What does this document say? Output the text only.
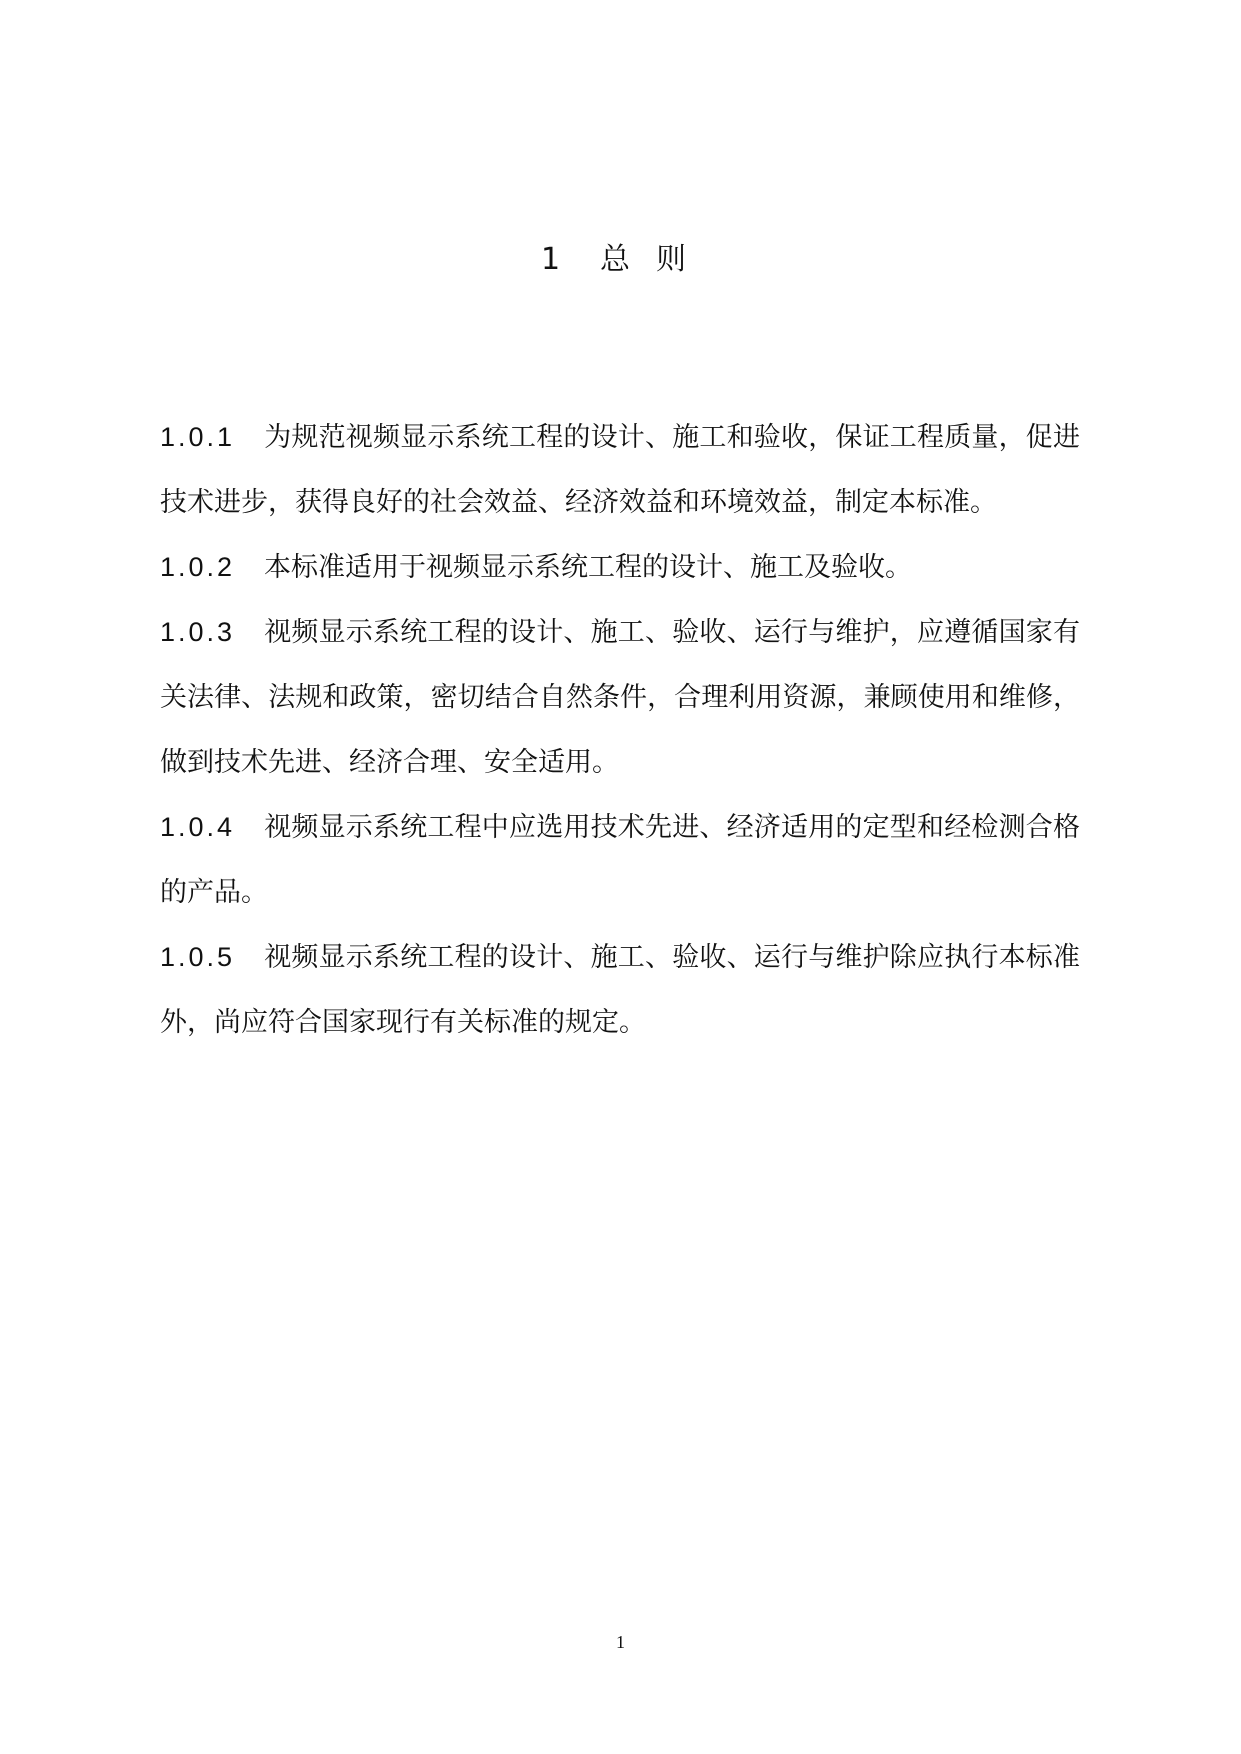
1 总 则

1.0.1 为规范视频显示系统工程的设计、施工和验收，保证工程质量，促进技术进步，获得良好的社会效益、经济效益和环境效益，制定本标准。

1.0.2 本标准适用于视频显示系统工程的设计、施工及验收。

1.0.3 视频显示系统工程的设计、施工、验收、运行与维护，应遵循国家有关法律、法规和政策，密切结合自然条件，合理利用资源，兼顾使用和维修，做到技术先进、经济合理、安全适用。

1.0.4 视频显示系统工程中应选用技术先进、经济适用的定型和经检测合格的产品。

1.0.5 视频显示系统工程的设计、施工、验收、运行与维护除应执行本标准外，尚应符合国家现行有关标准的规定。

1
